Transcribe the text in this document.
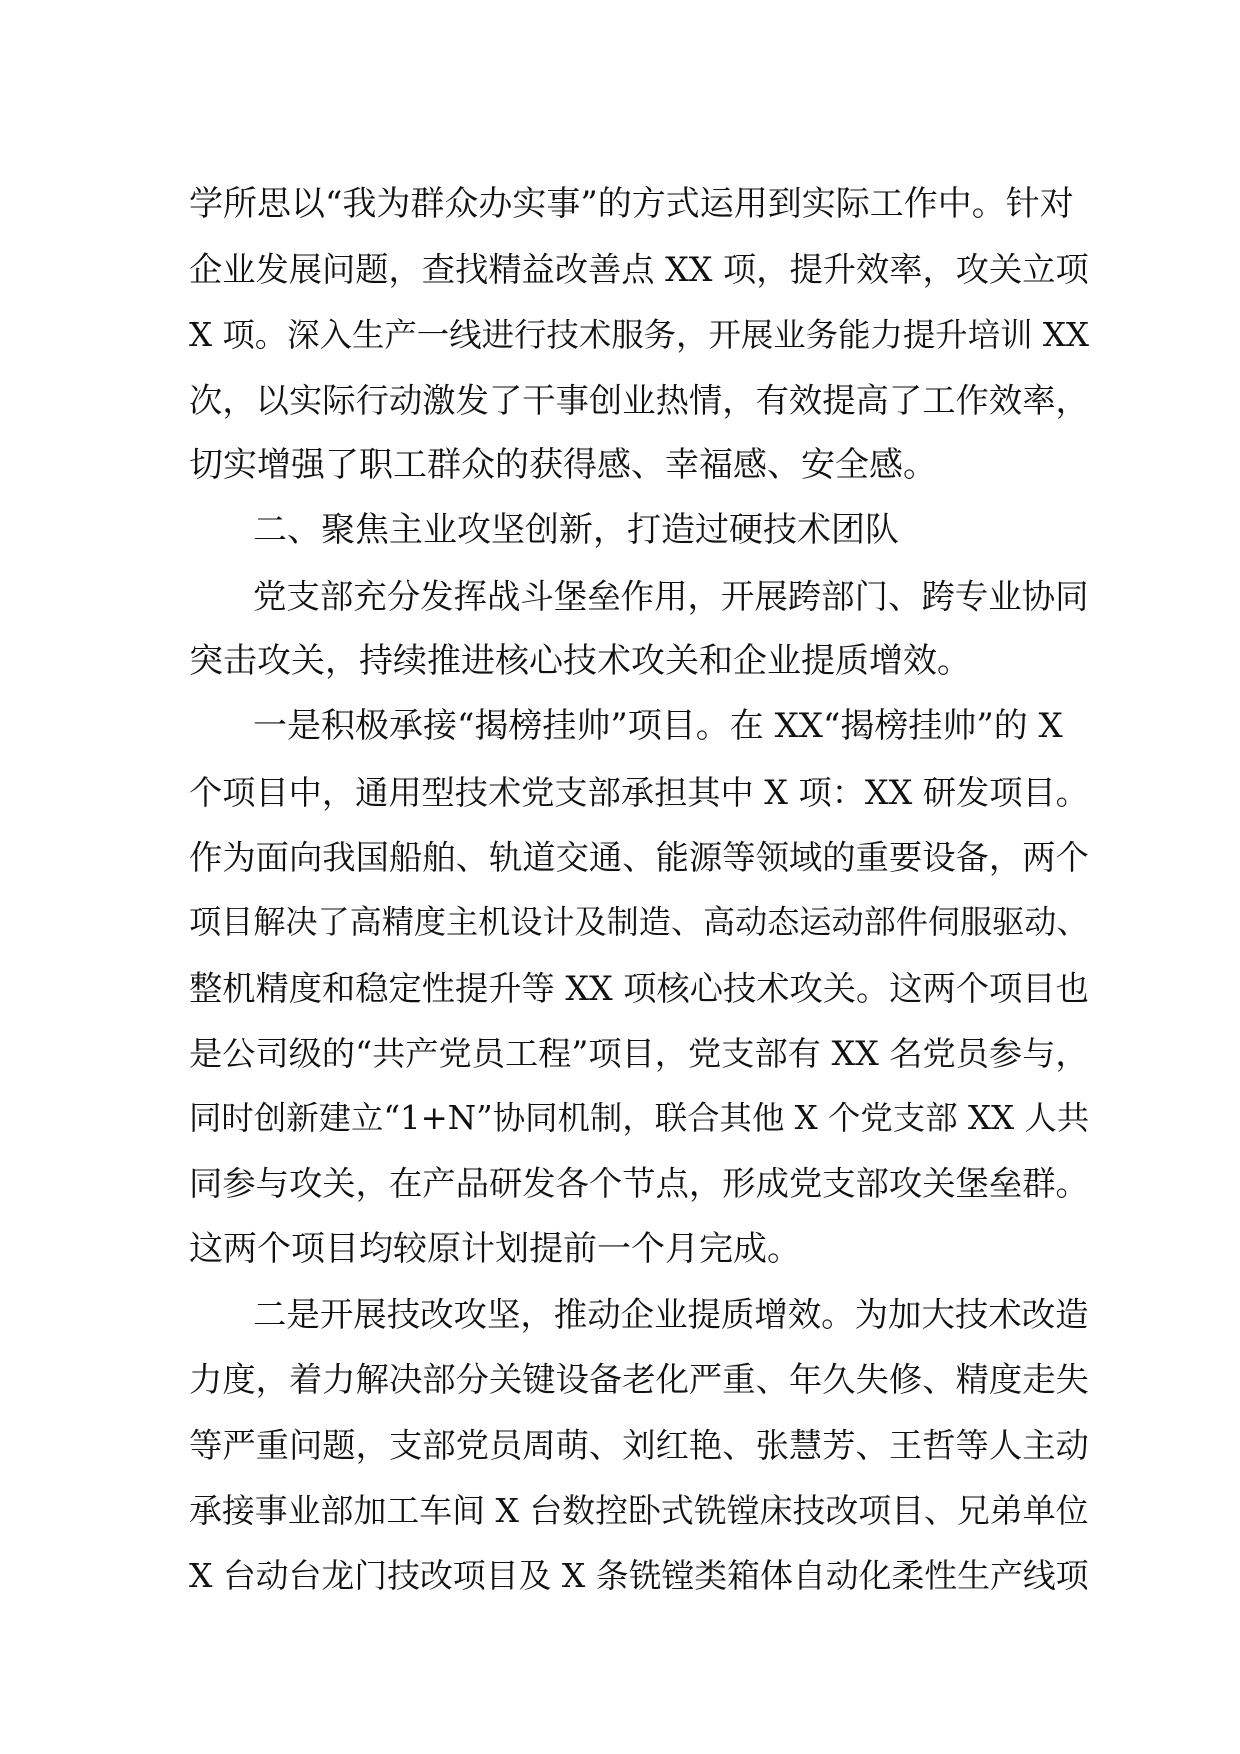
学所思以“我为群众办实事”的方式运用到实际工作中。针对
企业发展问题，查找精益改善点 XX 项，提升效率，攻关立项
X 项。深入生产一线进行技术服务，开展业务能力提升培训 XX
次，以实际行动激发了干事创业热情，有效提高了工作效率，
切实增强了职工群众的获得感、幸福感、安全感。
二、聚焦主业攻坚创新，打造过硬技术团队
党支部充分发挥战斗堡垒作用，开展跨部门、跨专业协同
突击攻关，持续推进核心技术攻关和企业提质增效。
一是积极承接“揭榜挂帅”项目。在 XX“揭榜挂帅”的 X
个项目中，通用型技术党支部承担其中 X 项：XX 研发项目。
作为面向我国船舶、轨道交通、能源等领域的重要设备，两个
项目解决了高精度主机设计及制造、高动态运动部件伺服驱动、
整机精度和稳定性提升等 XX 项核心技术攻关。这两个项目也
是公司级的“共产党员工程”项目，党支部有 XX 名党员参与，
同时创新建立“1+N”协同机制，联合其他 X 个党支部 XX 人共
同参与攻关，在产品研发各个节点，形成党支部攻关堡垒群。
这两个项目均较原计划提前一个月完成。
二是开展技改攻坚，推动企业提质增效。为加大技术改造
力度，着力解决部分关键设备老化严重、年久失修、精度走失
等严重问题，支部党员周萌、刘红艳、张慧芳、王哲等人主动
承接事业部加工车间 X 台数控卧式铣镗床技改项目、兄弟单位
X 台动台龙门技改项目及 X 条铣镗类箱体自动化柔性生产线项
